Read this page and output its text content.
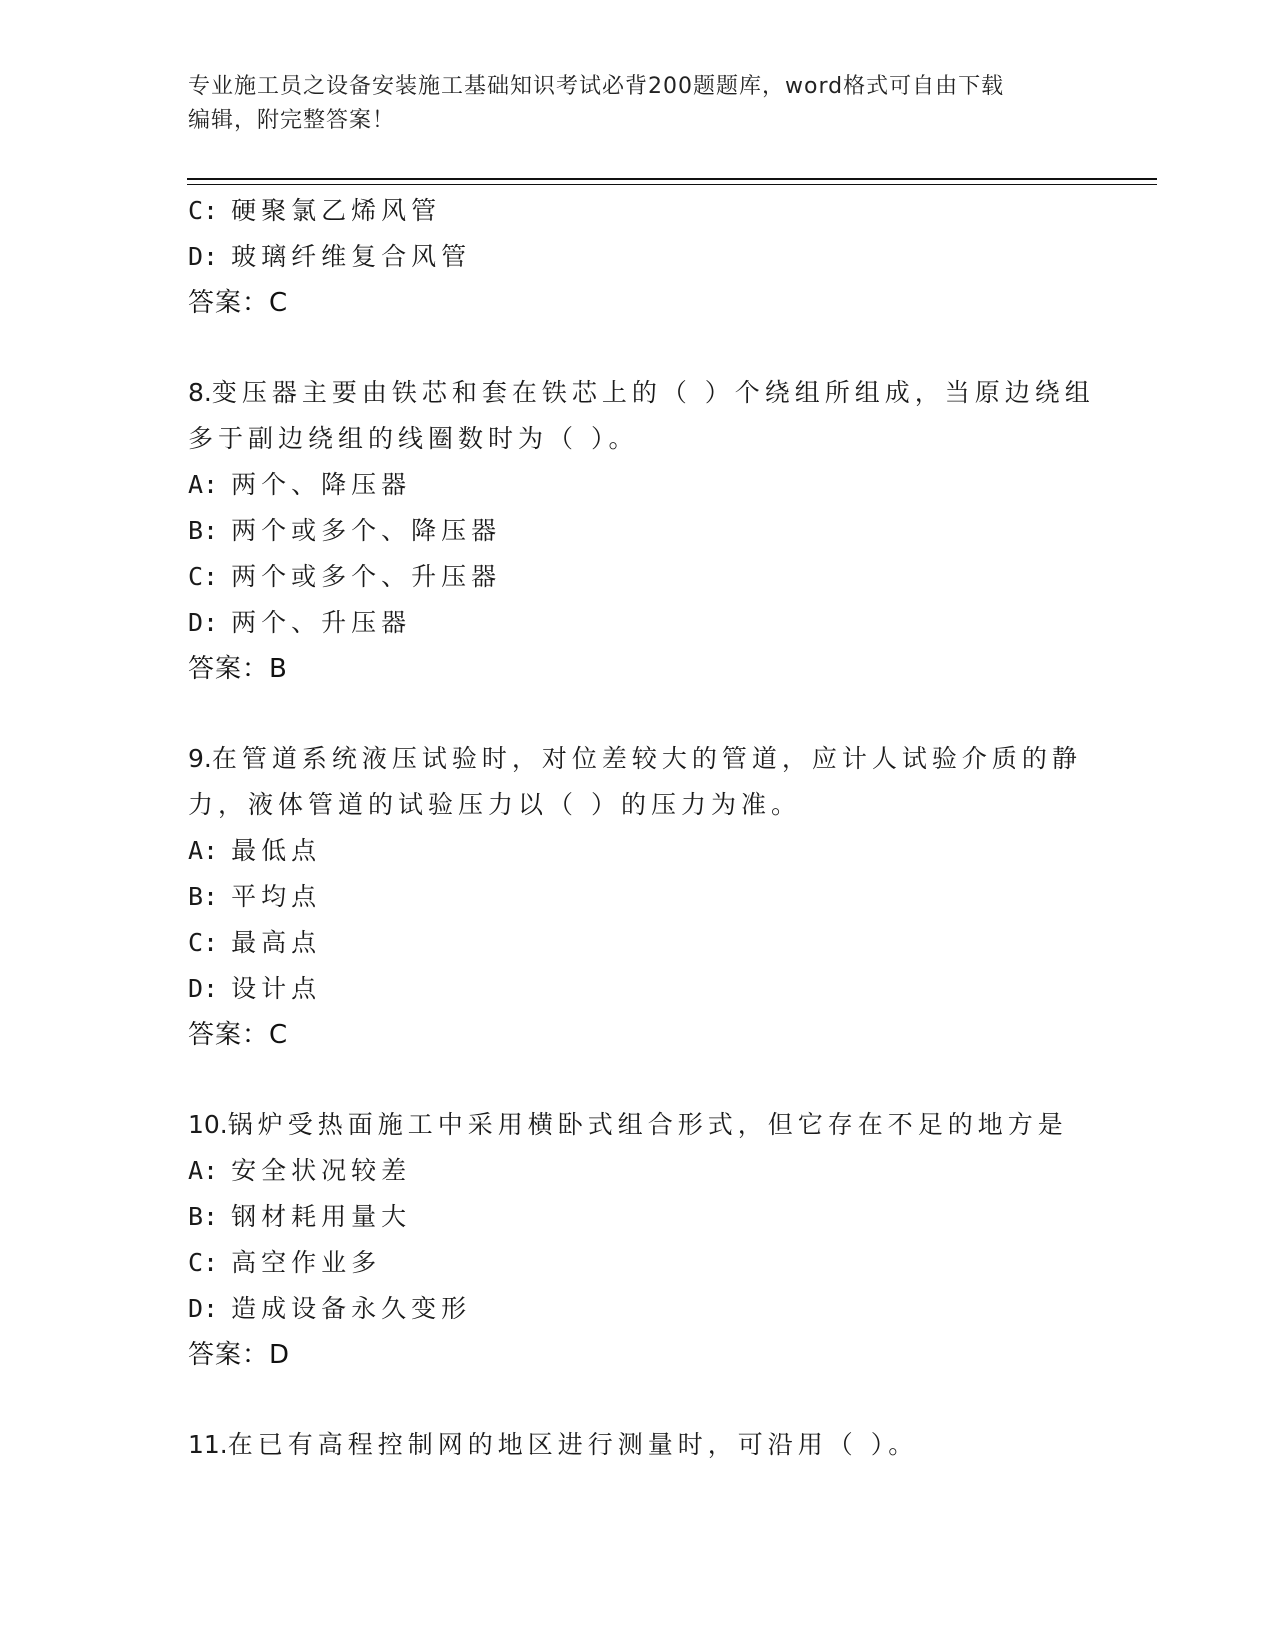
专业施工员之设备安装施工基础知识考试必背200题题库，word格式可自由下载
编辑，附完整答案！
C: 硬聚氯乙烯风管
D: 玻璃纤维复合风管
答案：C
8.变压器主要由铁芯和套在铁芯上的（ ）个绕组所组成，当原边绕组
多于副边绕组的线圈数时为（ ）。
A: 两个、降压器
B: 两个或多个、降压器
C: 两个或多个、升压器
D: 两个、升压器
答案：B
9.在管道系统液压试验时，对位差较大的管道，应计人试验介质的静
力，液体管道的试验压力以（ ）的压力为准。
A: 最低点
B: 平均点
C: 最高点
D: 设计点
答案：C
10.锅炉受热面施工中采用横卧式组合形式，但它存在不足的地方是
A: 安全状况较差
B: 钢材耗用量大
C: 高空作业多
D: 造成设备永久变形
答案：D
11.在已有高程控制网的地区进行测量时，可沿用（ ）。
